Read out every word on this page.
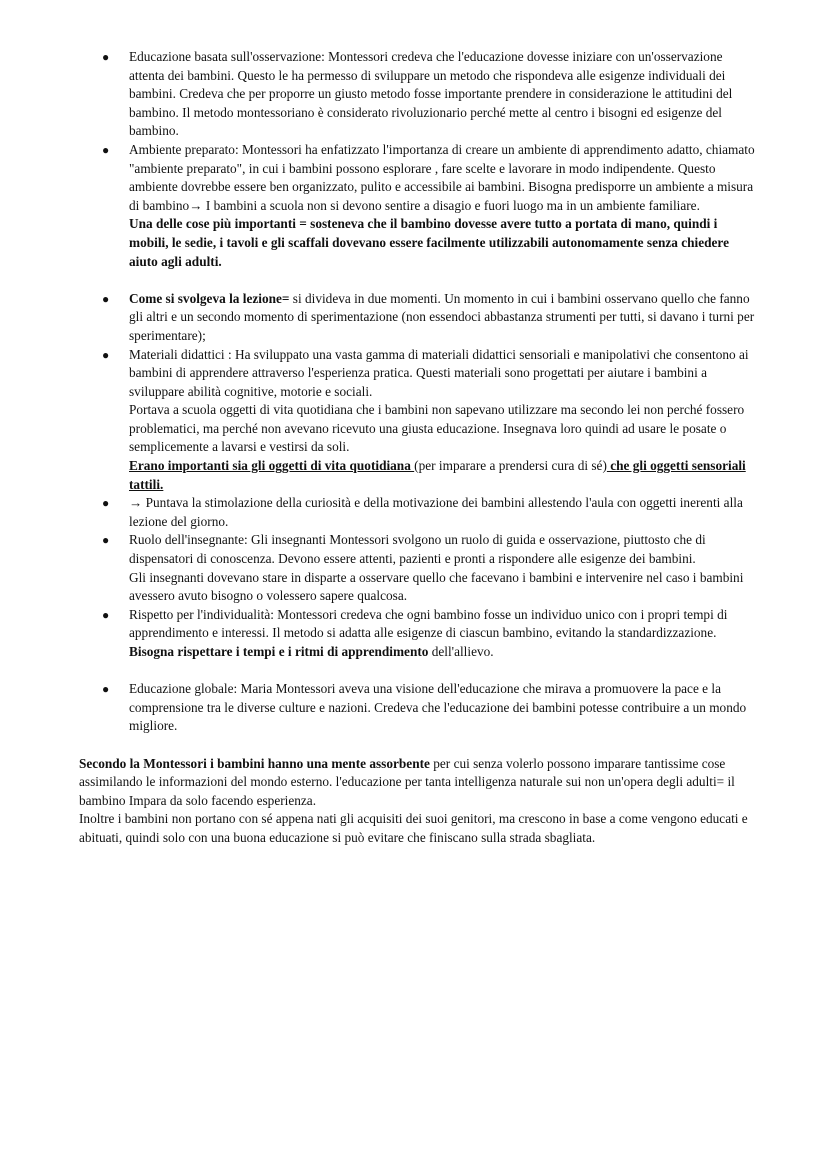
● Educazione basata sull'osservazione: Montessori credeva che l'educazione dovesse iniziare con un'osservazione attenta dei bambini. Questo le ha permesso di sviluppare un metodo che rispondeva alle esigenze individuali dei bambini. Credeva che per proporre un giusto metodo fosse importante prendere in considerazione le attitudini del bambino. Il metodo montessoriano è considerato rivoluzionario perché mette al centro i bisogni ed esigenze del bambino.

● Ambiente preparato: Montessori ha enfatizzato l'importanza di creare un ambiente di apprendimento adatto, chiamato "ambiente preparato", in cui i bambini possono esplorare , fare scelte e lavorare in modo indipendente. Questo ambiente dovrebbe essere ben organizzato, pulito e accessibile ai bambini. Bisogna predisporre un ambiente a misura di bambino→ I bambini a scuola non si devono sentire a disagio e fuori luogo ma in un ambiente familiare.

Una delle cose più importanti = sosteneva che il bambino dovesse avere tutto a portata di mano, quindi i mobili, le sedie, i tavoli e gli scaffali dovevano essere facilmente utilizzabili autonomamente senza chiedere aiuto agli adulti.

● Come si svolgeva la lezione= si divideva in due momenti. Un momento in cui i bambini osservano quello che fanno gli altri e un secondo momento di sperimentazione (non essendoci abbastanza strumenti per tutti, si davano i turni per sperimentare);

● Materiali didattici : Ha sviluppato una vasta gamma di materiali didattici sensoriali e manipolativi che consentono ai bambini di apprendere attraverso l'esperienza pratica. Questi materiali sono progettati per aiutare i bambini a sviluppare abilità cognitive, motorie e sociali.

Portava a scuola oggetti di vita quotidiana che i bambini non sapevano utilizzare ma secondo lei non perché fossero problematici, ma perché non avevano ricevuto una giusta educazione. Insegnava loro quindi ad usare le posate o semplicemente a lavarsi e vestirsi da soli.

Erano importanti sia gli oggetti di vita quotidiana (per imparare a prendersi cura di sé) che gli oggetti sensoriali tattili.

● → Puntava la stimolazione della curiosità e della motivazione dei bambini allestendo l'aula con oggetti inerenti alla lezione del giorno.

● Ruolo dell'insegnante: Gli insegnanti Montessori svolgono un ruolo di guida e osservazione, piuttosto che di dispensatori di conoscenza. Devono essere attenti, pazienti e pronti a rispondere alle esigenze dei bambini.

Gli insegnanti dovevano stare in disparte a osservare quello che facevano i bambini e intervenire nel caso i bambini avessero avuto bisogno o volessero sapere qualcosa.

● Rispetto per l'individualità: Montessori credeva che ogni bambino fosse un individuo unico con i propri tempi di apprendimento e interessi. Il metodo si adatta alle esigenze di ciascun bambino, evitando la standardizzazione.

Bisogna rispettare i tempi e i ritmi di apprendimento dell'allievo.

● Educazione globale: Maria Montessori aveva una visione dell'educazione che mirava a promuovere la pace e la comprensione tra le diverse culture e nazioni. Credeva che l'educazione dei bambini potesse contribuire a un mondo migliore.

Secondo la Montessori i bambini hanno una mente assorbente per cui senza volerlo possono imparare tantissime cose assimilando le informazioni del mondo esterno. l'educazione per tanta intelligenza naturale sui non un'opera degli adulti= il bambino Impara da solo facendo esperienza.

Inoltre i bambini non portano con sé appena nati gli acquisiti dei suoi genitori, ma crescono in base a come vengono educati e abituati, quindi solo con una buona educazione si può evitare che finiscano sulla strada sbagliata.
